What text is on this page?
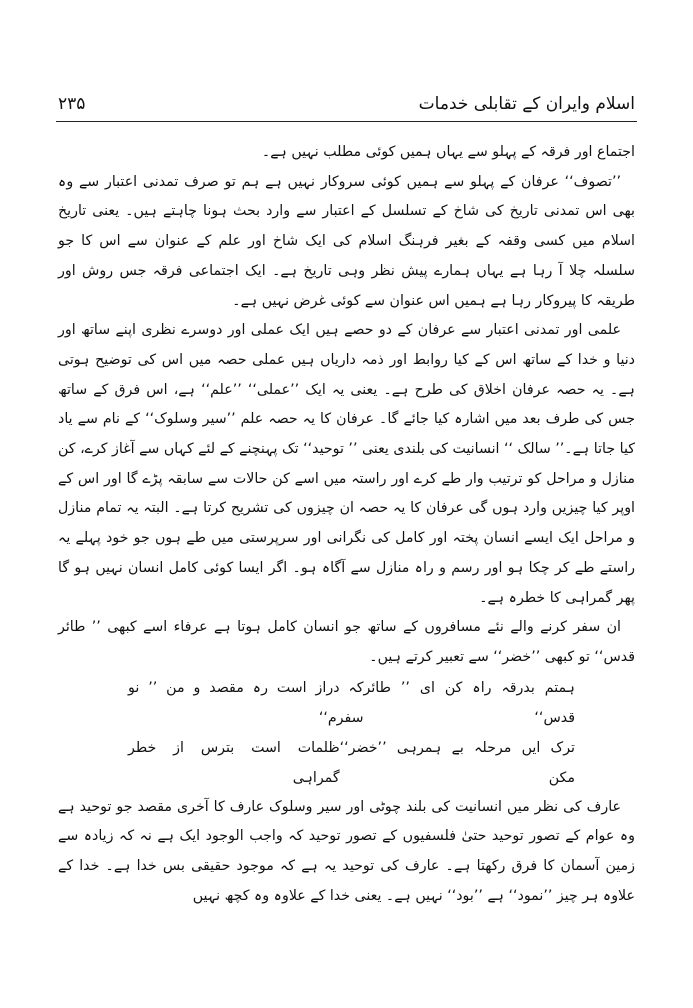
۲۳۵	اسلام وایران کے تقابلی خدمات

اجتماع اور فرقہ کے پہلو سے یہاں ہمیں کوئی مطلب نہیں ہے۔

’’تصوف‘‘ عرفان کے پہلو سے ہمیں کوئی سروکار نہیں ہے ہم تو صرف تمدنی اعتبار سے وہ بھی اس تمدنی تاریخ کی شاخ کے تسلسل کے اعتبار سے وارد بحث ہونا چاہتے ہیں۔ یعنی تاریخ اسلام میں کسی وقفہ کے بغیر فرہنگ اسلام کی ایک شاخ اور علم کے عنوان سے اس کا جو سلسلہ چلا آ رہا ہے یہاں ہمارے پیش نظر وہی تاریخ ہے۔ ایک اجتماعی فرقہ جس روش اور طریقہ کا پیروکار رہا ہے ہمیں اس عنوان سے کوئی غرض نہیں ہے۔

علمی اور تمدنی اعتبار سے عرفان کے دو حصے ہیں ایک عملی اور دوسرے نظری اپنے ساتھ اور دنیا و خدا کے ساتھ اس کے کیا روابط اور ذمہ داریاں ہیں عملی حصہ میں اس کی توضیح ہوتی ہے۔ یہ حصہ عرفان اخلاق کی طرح ہے۔ یعنی یہ ایک ’’عملی‘‘ ’’علم‘‘ ہے، اس فرق کے ساتھ جس کی طرف بعد میں اشارہ کیا جائے گا۔ عرفان کا یہ حصہ علم ’’سیر وسلوک‘‘ کے نام سے یاد کیا جاتا ہے۔’’ سالک ‘‘ انسانیت کی بلندی یعنی ’’ توحید‘‘ تک پہنچنے کے لئے کہاں سے آغاز کرے، کن منازل و مراحل کو ترتیب وار طے کرے اور راستہ میں اسے کن حالات سے سابقہ پڑے گا اور اس کے اوپر کیا چیزیں وارد ہوں گی عرفان کا یہ حصہ ان چیزوں کی تشریح کرتا ہے۔ البتہ یہ تمام منازل و مراحل ایک ایسے انسان پختہ اور کامل کی نگرانی اور سرپرستی میں طے ہوں جو خود پہلے یہ راستے طے کر چکا ہو اور رسم و راہ منازل سے آگاہ ہو۔ اگر ایسا کوئی کامل انسان نہیں ہو گا پھر گمراہی کا خطرہ ہے۔

ان سفر کرنے والے نئے مسافروں کے ساتھ جو انسان کامل ہوتا ہے عرفاء اسے کبھی ’’ طائر قدس‘‘ تو کبھی ’’خضر‘‘ سے تعبیر کرتے ہیں۔

ہمتم بدرقہ راہ کن ای ’’ طائر قدس‘‘
کہ دراز است رہ مقصد و من ’’ نو سفرم‘‘
ترک ایں مرحلہ بے ہمرہی ’’خضر‘‘ مکن
ظلمات است بترس از خطر گمراہی

عارف کی نظر میں انسانیت کی بلند چوٹی اور سیر وسلوک عارف کا آخری مقصد جو توحید ہے وہ عوام کے تصور توحید حتیٰ فلسفیوں کے تصور توحید کہ واجب الوجود ایک ہے نہ کہ زیادہ سے زمین آسمان کا فرق رکھتا ہے۔ عارف کی توحید یہ ہے کہ موجود حقیقی بس خدا ہے۔ خدا کے علاوہ ہر چیز ’’نمود‘‘ ہے ’’بود‘‘ نہیں ہے۔ یعنی خدا کے علاوہ وہ کچھ نہیں
